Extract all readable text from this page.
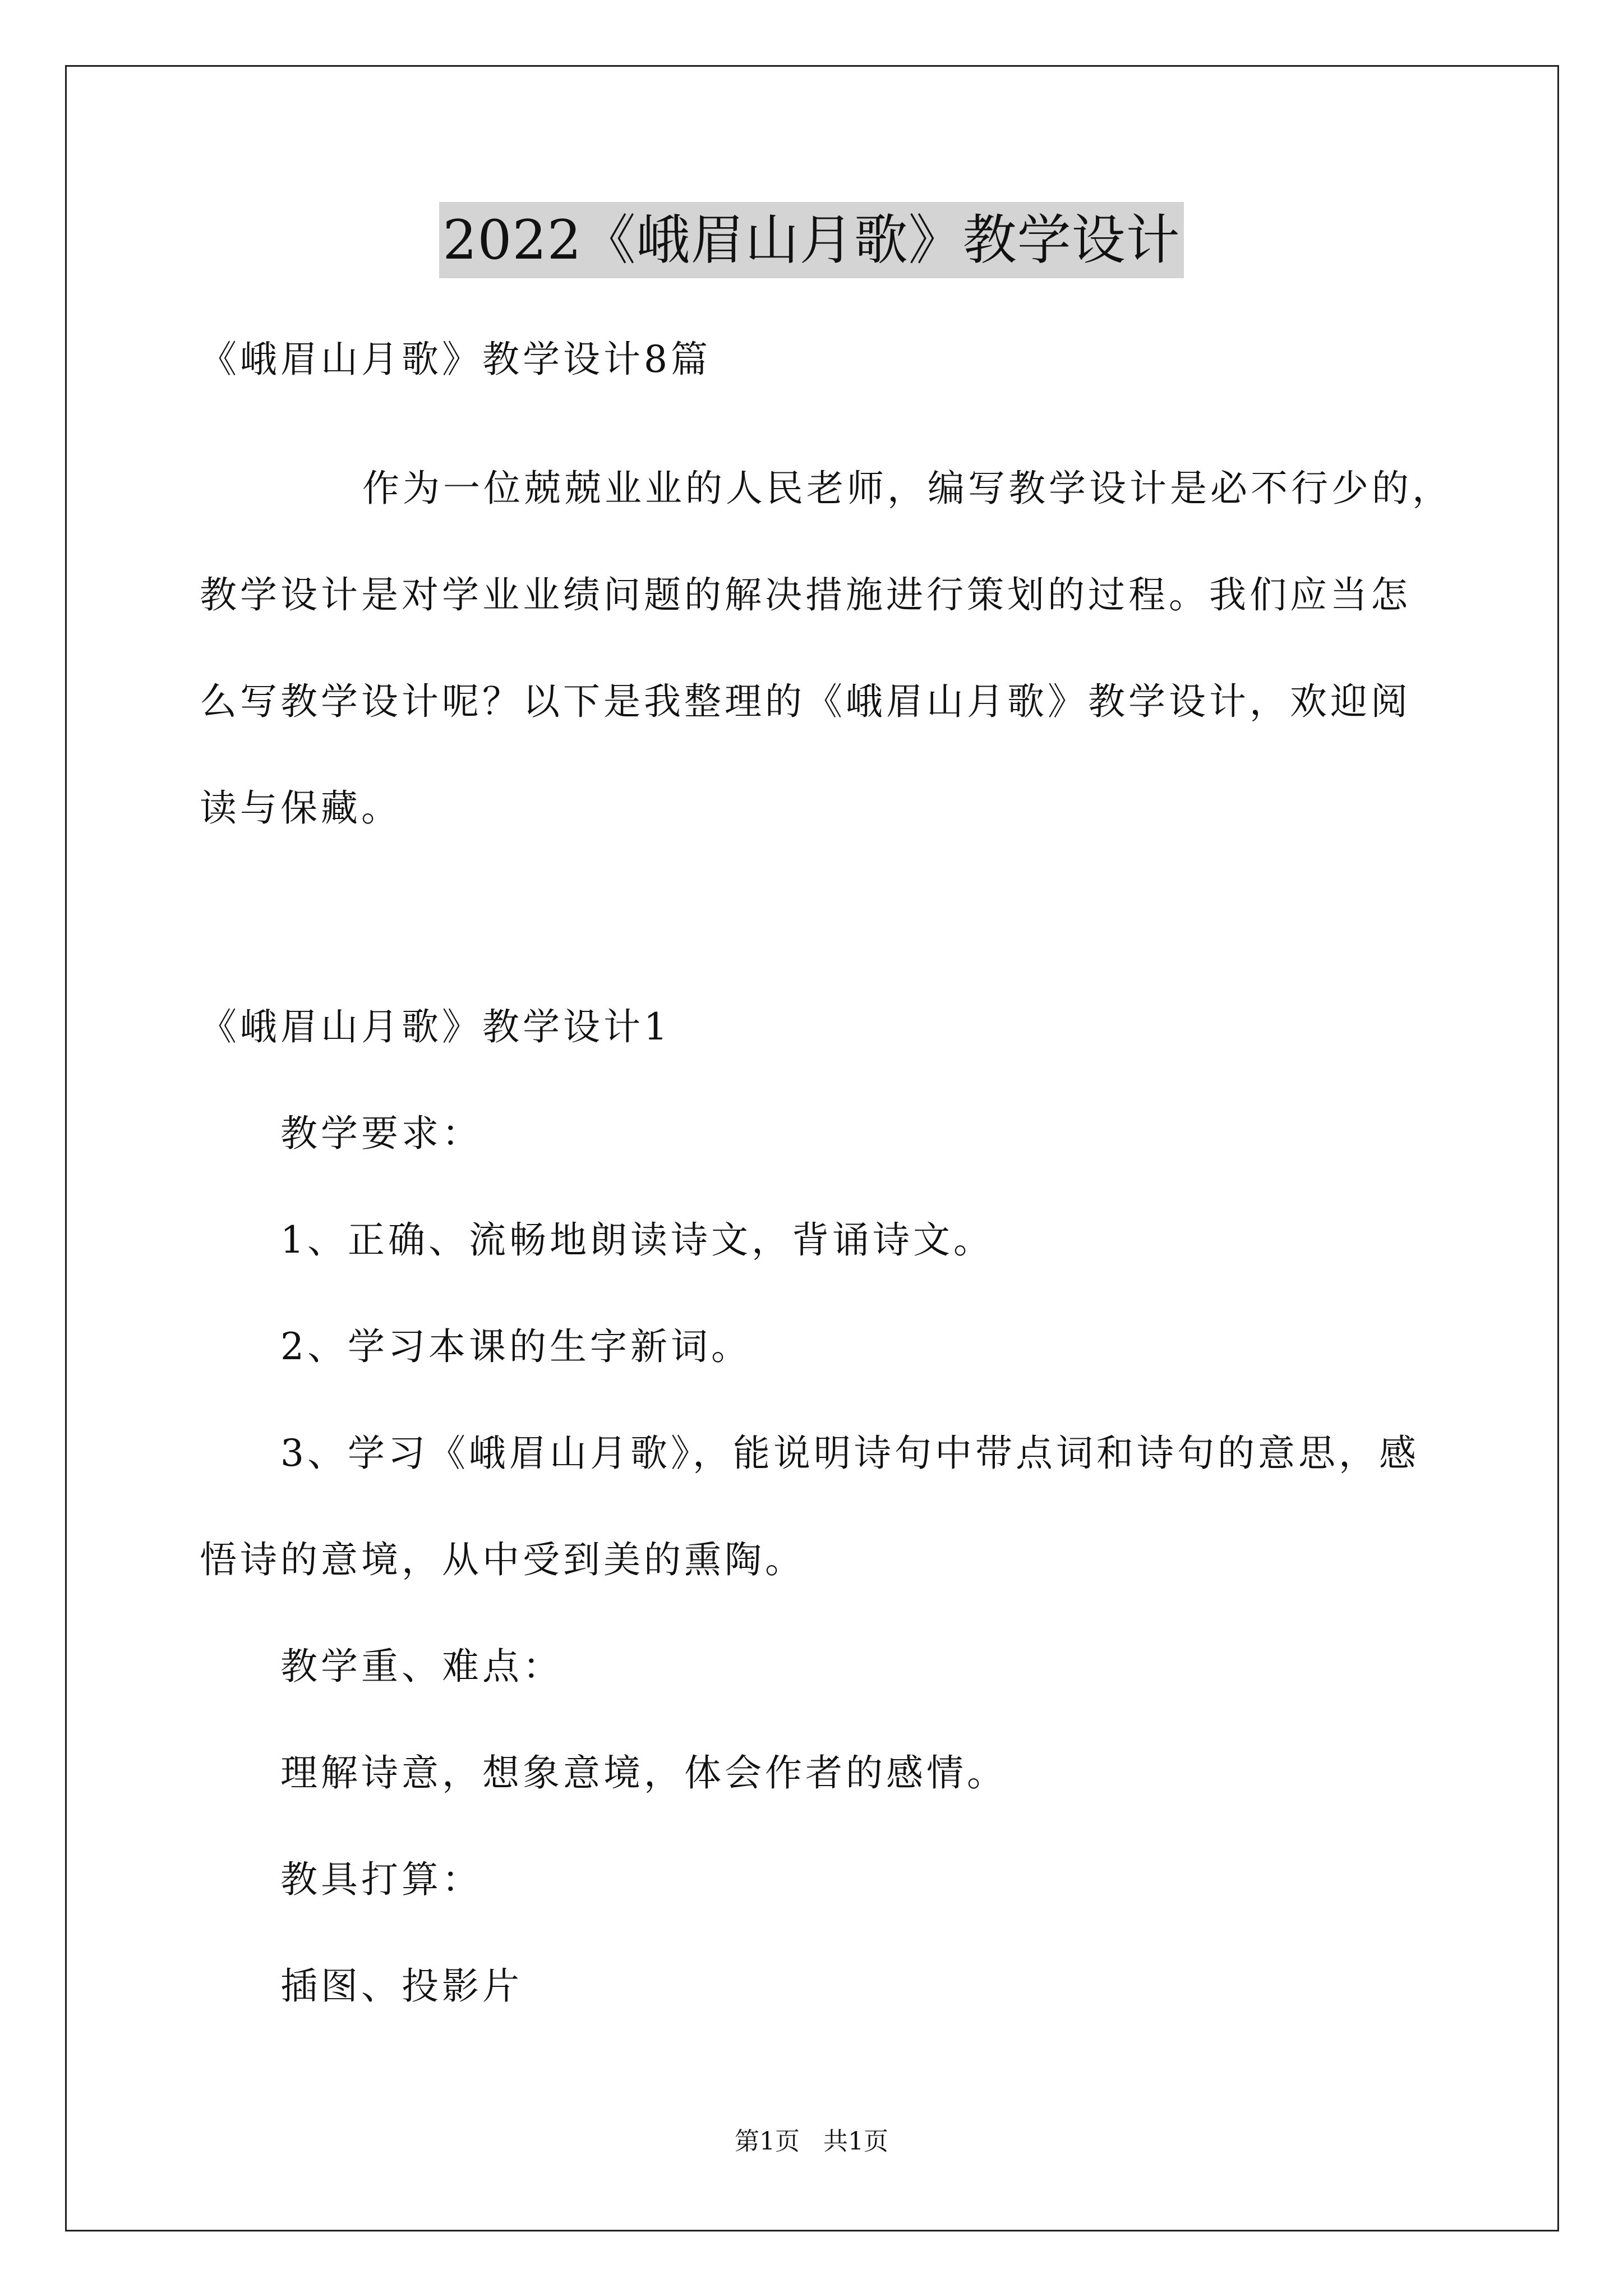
2022《峨眉山月歌》教学设计
《峨眉山月歌》教学设计8篇
作为一位兢兢业业的人民老师，编写教学设计是必不行少的，
教学设计是对学业业绩问题的解决措施进行策划的过程。我们应当怎
么写教学设计呢？以下是我整理的《峨眉山月歌》教学设计，欢迎阅
读与保藏。
《峨眉山月歌》教学设计1
教学要求：
1、正确、流畅地朗读诗文，背诵诗文。
2、学习本课的生字新词。
3、学习《峨眉山月歌》，能说明诗句中带点词和诗句的意思，感
悟诗的意境，从中受到美的熏陶。
教学重、难点：
理解诗意，想象意境，体会作者的感情。
教具打算：
插图、投影片
第1页   共1页
